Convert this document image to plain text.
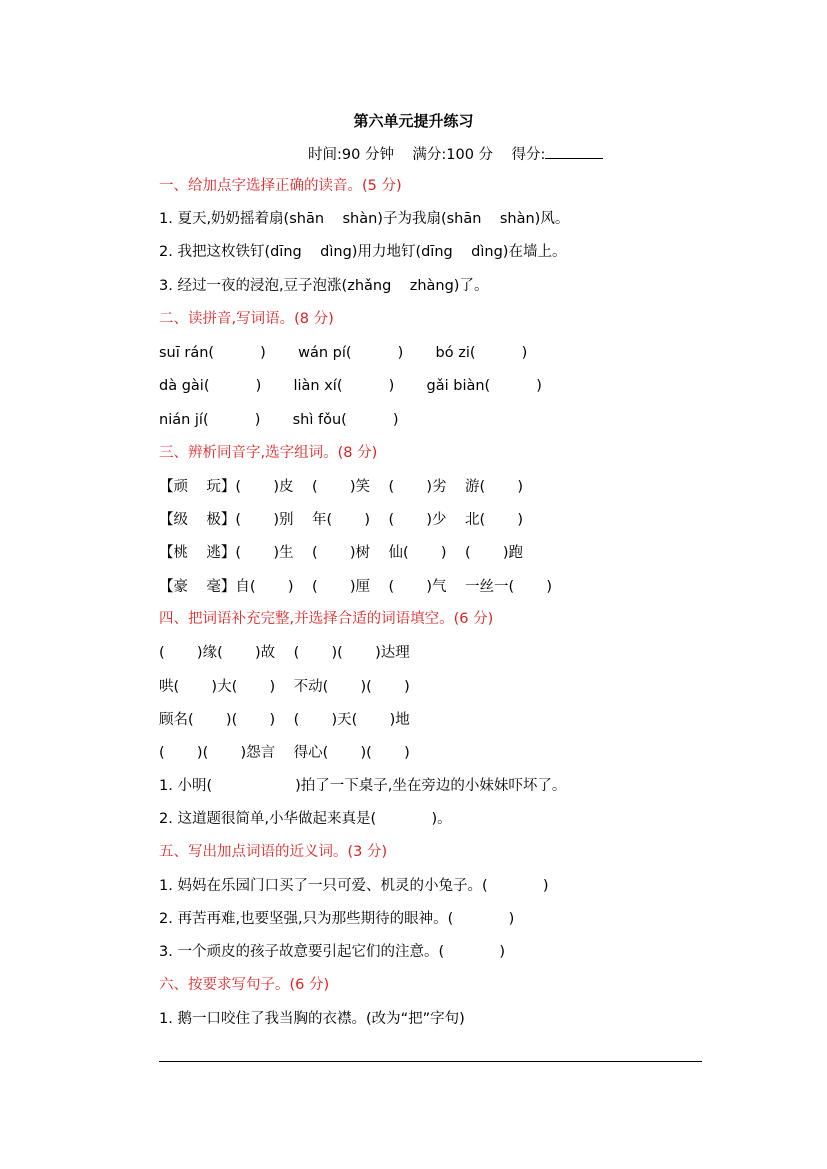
第六单元提升练习
时间:90 分钟 满分:100 分 得分:
一、给加点字选择正确的读音。(5 分)
1. 夏天,奶奶摇着扇(shān    shàn)子为我扇(shān    shàn)风。
2. 我把这枚铁钉(dīng    dìng)用力地钉(dīng    dìng)在墙上。
3. 经过一夜的浸泡,豆子泡涨(zhǎng    zhàng)了。
二、读拼音,写词语。(8 分)
suī rán(          )       wán pí(          )       bó zi(          )
dà gài(          )       liàn xí(          )       gǎi biàn(          )
nián jí(          )       shì fǒu(          )
三、辨析同音字,选字组词。(8 分)
【顽    玩】(       )皮    (       )笑    (       )劣    游(       )
【级    极】(       )别    年(       )    (       )少    北(       )
【桃    逃】(       )生    (       )树    仙(       )    (       )跑
【豪    毫】自(       )    (       )厘    (       )气    一丝一(       )
四、把词语补充完整,并选择合适的词语填空。(6 分)
(       )缘(       )故    (       )(       )达理
哄(       )大(       )    不动(       )(       )
顾名(       )(       )    (       )天(       )地
(       )(       )怨言    得心(       )(       )
1. 小明(                  )拍了一下桌子,坐在旁边的小妹妹吓坏了。
2. 这道题很简单,小华做起来真是(            )。
五、写出加点词语的近义词。(3 分)
1. 妈妈在乐园门口买了一只可爱、机灵的小兔子。(            )
2. 再苦再难,也要坚强,只为那些期待的眼神。(            )
3. 一个顽皮的孩子故意要引起它们的注意。(            )
六、按要求写句子。(6 分)
1. 鹅一口咬住了我当胸的衣襟。(改为“把”字句)
